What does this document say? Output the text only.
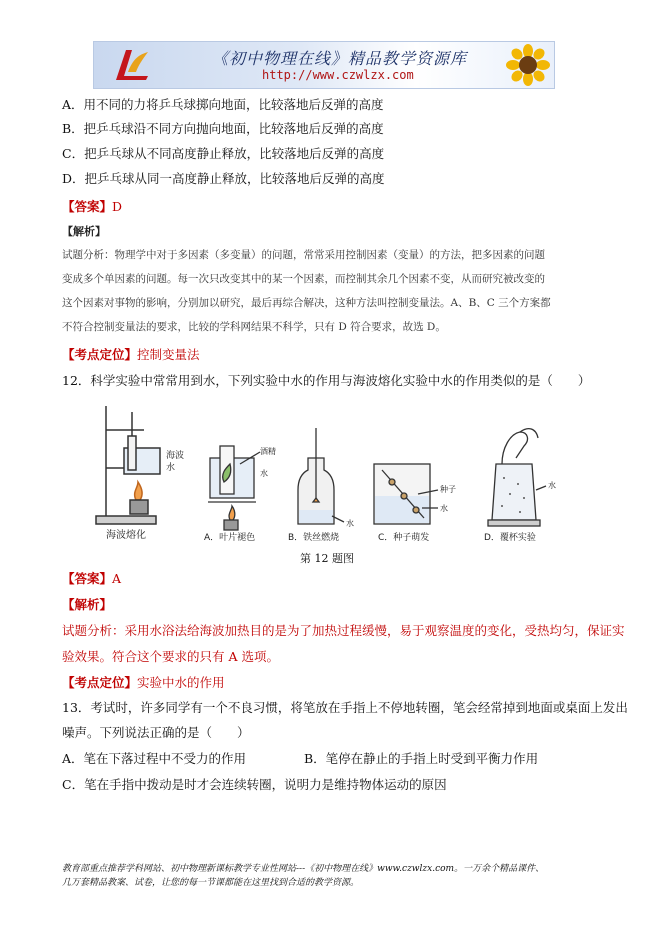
《初中物理在线》精品教学资源库
http://www.czwlzx.com
A．用不同的力将乒乓球掷向地面，比较落地后反弹的高度
B．把乒乓球沿不同方向抛向地面，比较落地后反弹的高度
C．把乒乓球从不同高度静止释放，比较落地后反弹的高度
D．把乒乓球从同一高度静止释放，比较落地后反弹的高度
【答案】D
【解析】
试题分析：物理学中对于多因素（多变量）的问题，常常采用控制因素（变量）的方法，把多因素的问题
变成多个单因素的问题。每一次只改变其中的某一个因素，而控制其余几个因素不变，从而研究被改变的
这个因素对事物的影响，分别加以研究，最后再综合解决，这种方法叫控制变量法。A、B、C 三个方案都
不符合控制变量法的要求，比较的学科网结果不科学，只有 D 符合要求，故选 D。
【考点定位】控制变量法
12．科学实验中常常用到水，下列实验中水的作用与海波熔化实验中水的作用类似的是（　　）
海波
水
海波熔化
酒精
水
A．叶片褪色
水
B．铁丝燃烧
种子
水
C．种子萌发
水
D．覆杯实验
第 12 题图
【答案】A
【解析】
试题分析：采用水浴法给海波加热目的是为了加热过程缓慢，易于观察温度的变化，受热均匀，保证实
验效果。符合这个要求的只有 A 选项。
【考点定位】实验中水的作用
13．考试时，许多同学有一个不良习惯，将笔放在手指上不停地转圈，笔会经常掉到地面或桌面上发出
噪声。下列说法正确的是（　　）
A．笔在下落过程中不受力的作用	B．笔停在静止的手指上时受到平衡力作用
C．笔在手指中拨动是时才会连续转圈，说明力是维持物体运动的原因
教育部重点推荐学科网站、初中物理新课标教学专业性网站---《初中物理在线》www.czwlzx.com。一万余个精品课件、
几万套精品教案、试卷，让您的每一节课都能在这里找到合适的教学资源。
